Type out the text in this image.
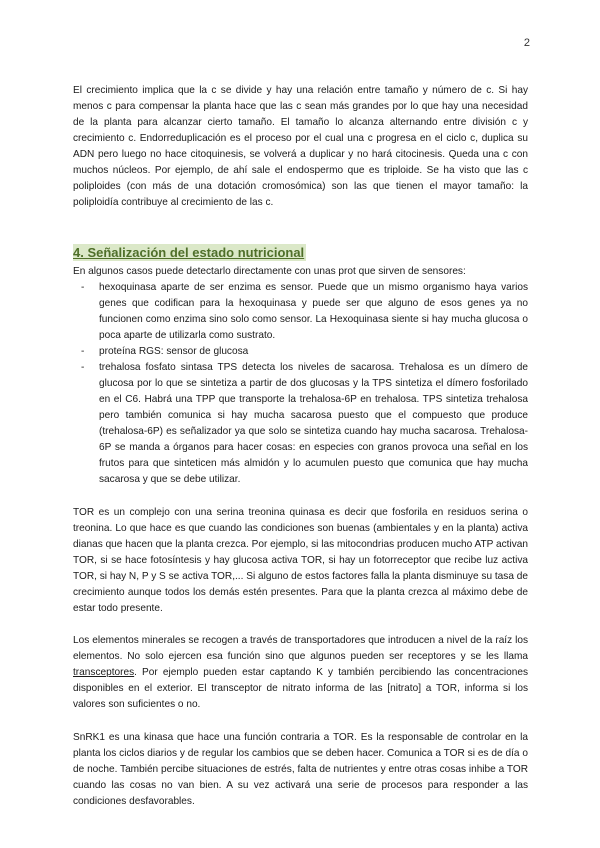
2

El crecimiento implica que la c se divide y hay una relación entre tamaño y número de c. Si hay menos c para compensar la planta hace que las c sean más grandes por lo que hay una necesidad de la planta para alcanzar cierto tamaño. El tamaño lo alcanza alternando entre división c y crecimiento c. Endorreduplicación es el proceso por el cual una c progresa en el ciclo c, duplica su ADN pero luego no hace citoquinesis, se volverá a duplicar y no hará citocinesis. Queda una c con muchos núcleos. Por ejemplo, de ahí sale el endospermo que es triploide. Se ha visto que las c poliploides (con más de una dotación cromosómica) son las que tienen el mayor tamaño: la poliploidía contribuye al crecimiento de las c.

4. Señalización del estado nutricional

En algunos casos puede detectarlo directamente con unas prot que sirven de sensores:

- hexoquinasa aparte de ser enzima es sensor. Puede que un mismo organismo haya varios genes que codifican para la hexoquinasa y puede ser que alguno de esos genes ya no funcionen como enzima sino solo como sensor. La Hexoquinasa siente si hay mucha glucosa o poca aparte de utilizarla como sustrato.
- proteína RGS: sensor de glucosa
- trehalosa fosfato sintasa TPS detecta los niveles de sacarosa. Trehalosa es un dímero de glucosa por lo que se sintetiza a partir de dos glucosas y la TPS sintetiza el dímero fosforilado en el C6. Habrá una TPP que transporte la trehalosa-6P en trehalosa. TPS sintetiza trehalosa pero también comunica si hay mucha sacarosa puesto que el compuesto que produce (trehalosa-6P) es señalizador ya que solo se sintetiza cuando hay mucha sacarosa. Trehalosa-6P se manda a órganos para hacer cosas: en especies con granos provoca una señal en los frutos para que sinteticen más almidón y lo acumulen puesto que comunica que hay mucha sacarosa y que se debe utilizar.

TOR es un complejo con una serina treonina quinasa es decir que fosforila en residuos serina o treonina. Lo que hace es que cuando las condiciones son buenas (ambientales y en la planta) activa dianas que hacen que la planta crezca. Por ejemplo, si las mitocondrias producen mucho ATP activan TOR, si se hace fotosíntesis y hay glucosa activa TOR, si hay un fotorreceptor que recibe luz activa TOR, si hay N, P y S se activa TOR,... Si alguno de estos factores falla la planta disminuye su tasa de crecimiento aunque todos los demás estén presentes. Para que la planta crezca al máximo debe de estar todo presente.

Los elementos minerales se recogen a través de transportadores que introducen a nivel de la raíz los elementos. No solo ejercen esa función sino que algunos pueden ser receptores y se les llama transceptores. Por ejemplo pueden estar captando K y también percibiendo las concentraciones disponibles en el exterior. El transceptor de nitrato informa de las [nitrato] a TOR, informa si los valores son suficientes o no.

SnRK1 es una kinasa que hace una función contraria a TOR. Es la responsable de controlar en la planta los ciclos diarios y de regular los cambios que se deben hacer. Comunica a TOR si es de día o de noche. También percibe situaciones de estrés, falta de nutrientes y entre otras cosas inhibe a TOR cuando las cosas no van bien. A su vez activará una serie de procesos para responder a las condiciones desfavorables.
